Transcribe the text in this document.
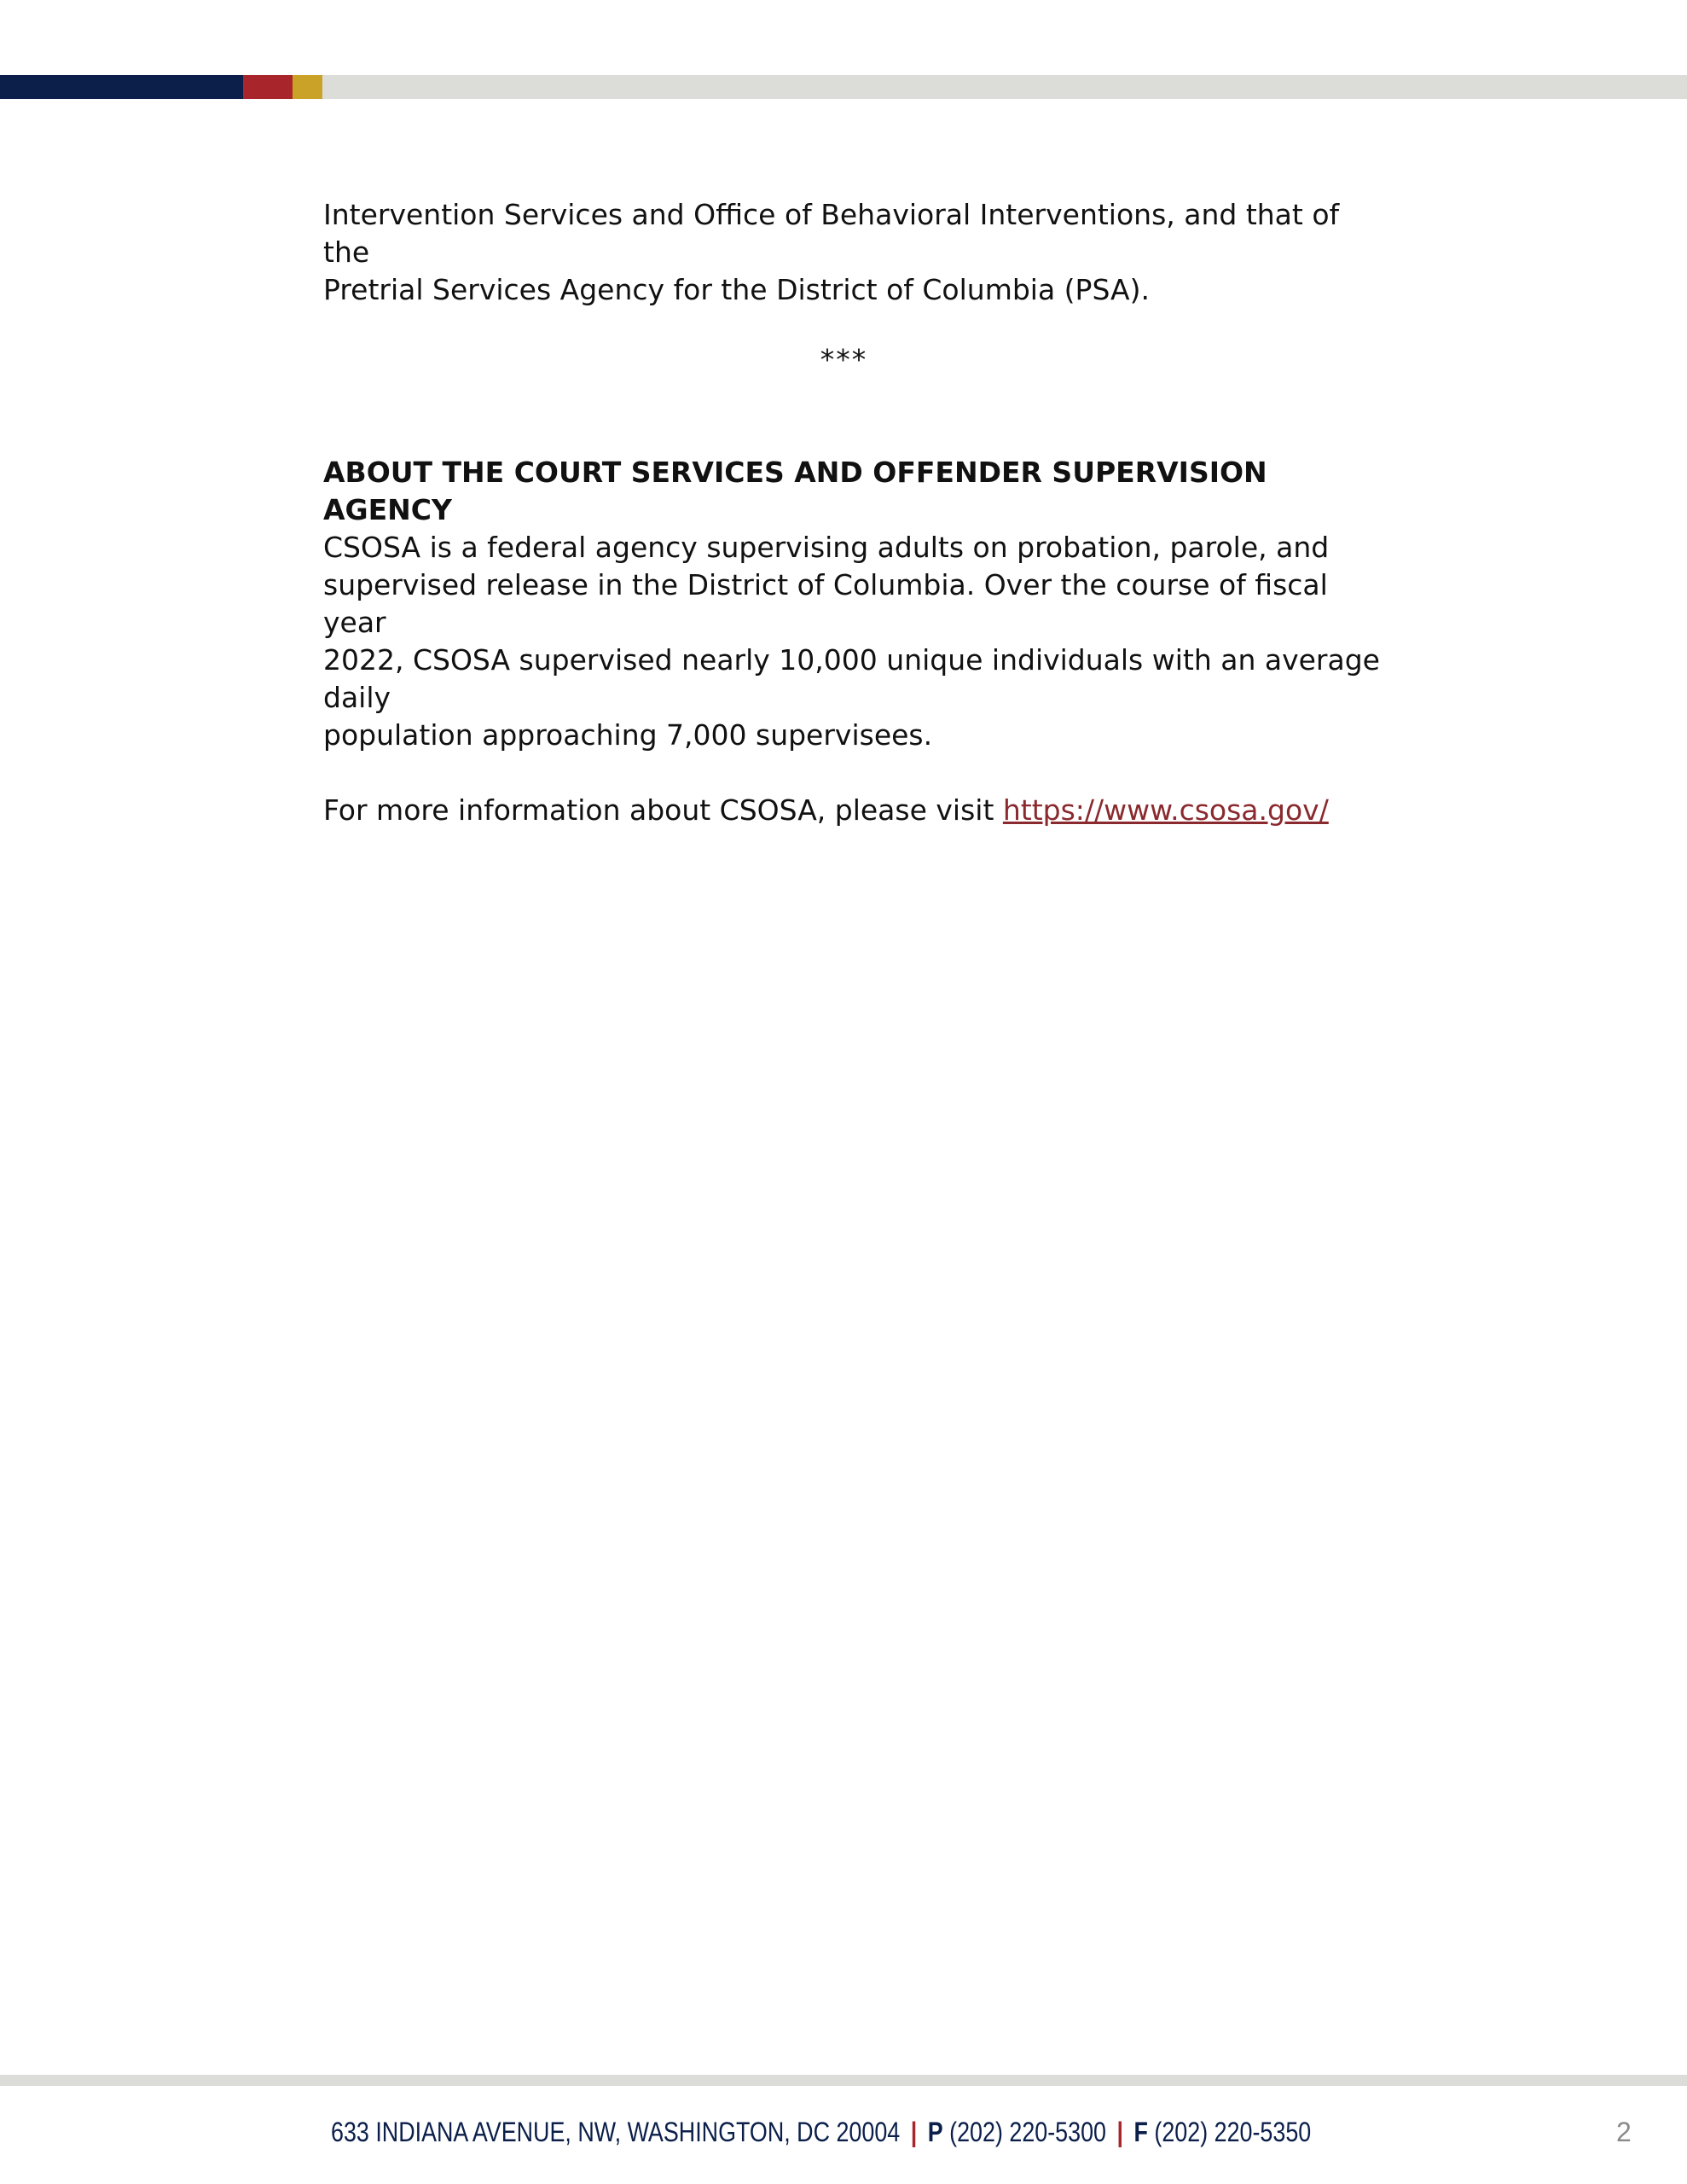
Intervention Services and Office of Behavioral Interventions, and that of the
Pretrial Services Agency for the District of Columbia (PSA).

***

ABOUT THE COURT SERVICES AND OFFENDER SUPERVISION AGENCY

CSOSA is a federal agency supervising adults on probation, parole, and
supervised release in the District of Columbia. Over the course of fiscal year
2022, CSOSA supervised nearly 10,000 unique individuals with an average daily
population approaching 7,000 supervisees.

For more information about CSOSA, please visit https://www.csosa.gov/

633 INDIANA AVENUE, NW, WASHINGTON, DC 20004 | P (202) 220-5300 | F (202) 220-5350	2
